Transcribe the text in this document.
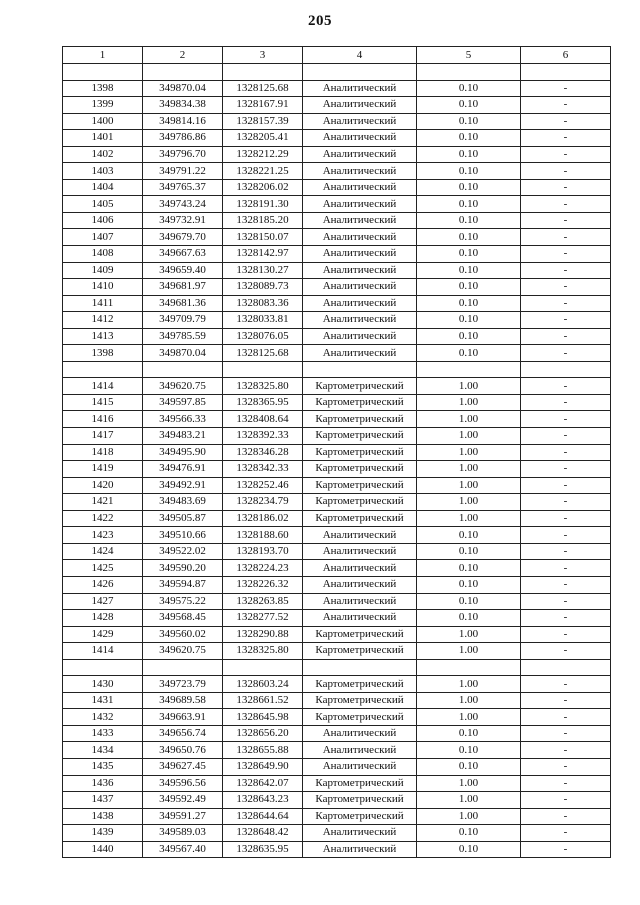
205
1	2	3	4	5	6

1398	349870.04	1328125.68	Аналитический	0.10	-
1399	349834.38	1328167.91	Аналитический	0.10	-
1400	349814.16	1328157.39	Аналитический	0.10	-
1401	349786.86	1328205.41	Аналитический	0.10	-
1402	349796.70	1328212.29	Аналитический	0.10	-
1403	349791.22	1328221.25	Аналитический	0.10	-
1404	349765.37	1328206.02	Аналитический	0.10	-
1405	349743.24	1328191.30	Аналитический	0.10	-
1406	349732.91	1328185.20	Аналитический	0.10	-
1407	349679.70	1328150.07	Аналитический	0.10	-
1408	349667.63	1328142.97	Аналитический	0.10	-
1409	349659.40	1328130.27	Аналитический	0.10	-
1410	349681.97	1328089.73	Аналитический	0.10	-
1411	349681.36	1328083.36	Аналитический	0.10	-
1412	349709.79	1328033.81	Аналитический	0.10	-
1413	349785.59	1328076.05	Аналитический	0.10	-
1398	349870.04	1328125.68	Аналитический	0.10	-

1414	349620.75	1328325.80	Картометрический	1.00	-
1415	349597.85	1328365.95	Картометрический	1.00	-
1416	349566.33	1328408.64	Картометрический	1.00	-
1417	349483.21	1328392.33	Картометрический	1.00	-
1418	349495.90	1328346.28	Картометрический	1.00	-
1419	349476.91	1328342.33	Картометрический	1.00	-
1420	349492.91	1328252.46	Картометрический	1.00	-
1421	349483.69	1328234.79	Картометрический	1.00	-
1422	349505.87	1328186.02	Картометрический	1.00	-
1423	349510.66	1328188.60	Аналитический	0.10	-
1424	349522.02	1328193.70	Аналитический	0.10	-
1425	349590.20	1328224.23	Аналитический	0.10	-
1426	349594.87	1328226.32	Аналитический	0.10	-
1427	349575.22	1328263.85	Аналитический	0.10	-
1428	349568.45	1328277.52	Аналитический	0.10	-
1429	349560.02	1328290.88	Картометрический	1.00	-
1414	349620.75	1328325.80	Картометрический	1.00	-

1430	349723.79	1328603.24	Картометрический	1.00	-
1431	349689.58	1328661.52	Картометрический	1.00	-
1432	349663.91	1328645.98	Картометрический	1.00	-
1433	349656.74	1328656.20	Аналитический	0.10	-
1434	349650.76	1328655.88	Аналитический	0.10	-
1435	349627.45	1328649.90	Аналитический	0.10	-
1436	349596.56	1328642.07	Картометрический	1.00	-
1437	349592.49	1328643.23	Картометрический	1.00	-
1438	349591.27	1328644.64	Картометрический	1.00	-
1439	349589.03	1328648.42	Аналитический	0.10	-
1440	349567.40	1328635.95	Аналитический	0.10	-
